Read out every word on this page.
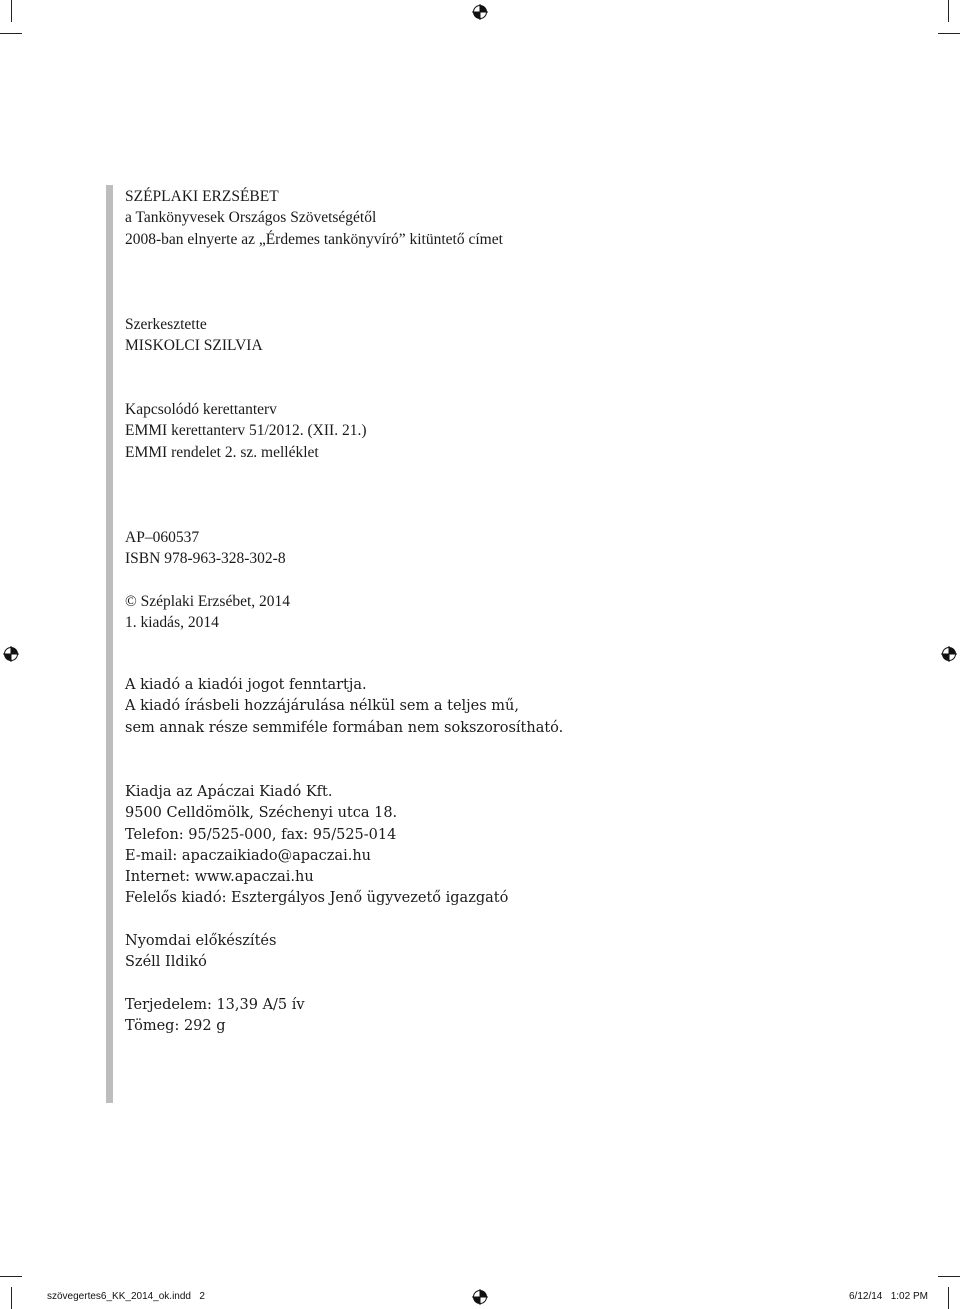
SZÉPLAKI ERZSÉBET
a Tankönyvesek Országos Szövetségétől
2008-ban elnyerte az „Érdemes tankönyvíró” kitüntető címet
Szerkesztette
MISKOLCI SZILVIA
Kapcsolódó kerettanterv
EMMI kerettanterv 51/2012. (XII. 21.)
EMMI rendelet 2. sz. melléklet
AP–060537
ISBN 978-963-328-302-8
© Széplaki Erzsébet, 2014
1. kiadás, 2014
A kiadó a kiadói jogot fenntartja.
A kiadó írásbeli hozzájárulása nélkül sem a teljes mű,
sem annak része semmiféle formában nem sokszorosítható.
Kiadja az Apáczai Kiadó Kft.
9500 Celldömölk, Széchenyi utca 18.
Telefon: 95/525-000, fax: 95/525-014
E-mail: apaczaikiado@apaczai.hu
Internet: www.apaczai.hu
Felelős kiadó: Esztergályos Jenő ügyvezető igazgató
Nyomdai előkészítés
Széll Ildikó
Terjedelem: 13,39 A/5 ív
Tömeg: 292 g
szövegertes6_KK_2014_ok.indd   2	6/12/14   1:02 PM
